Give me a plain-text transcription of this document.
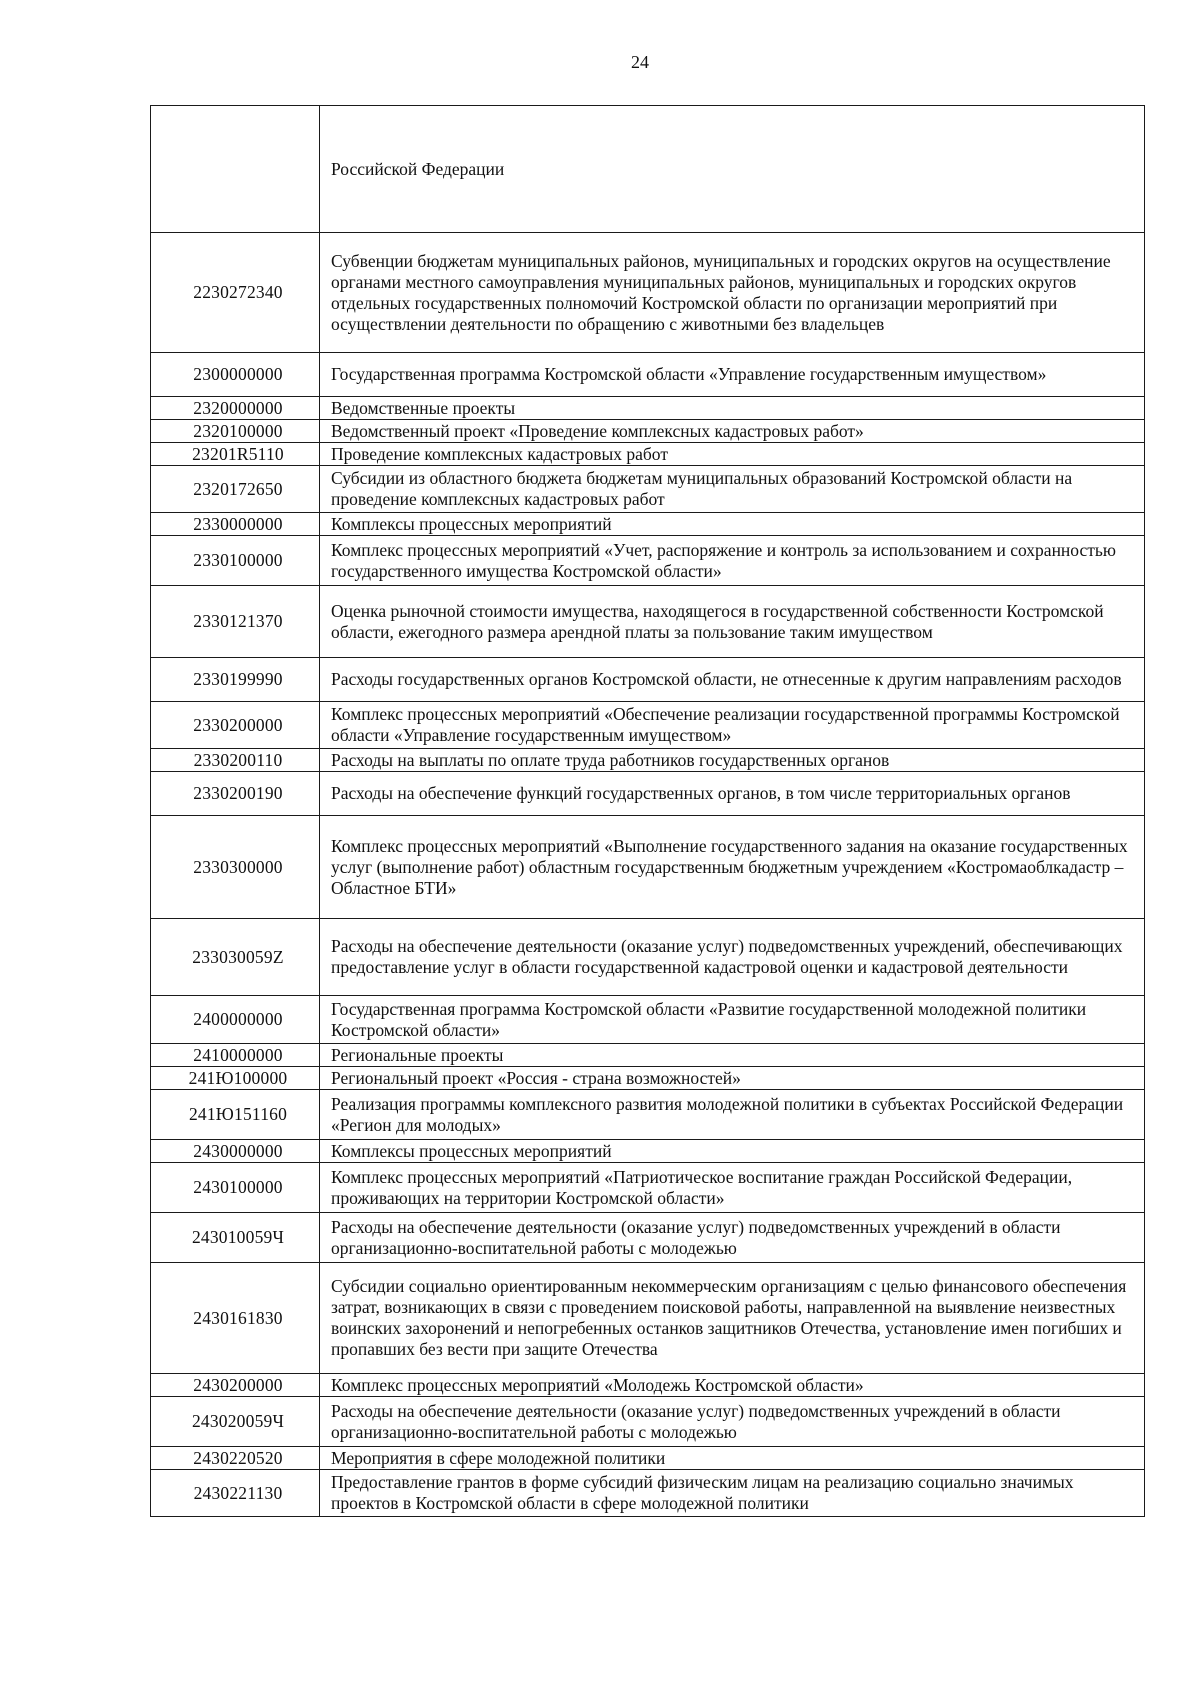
24
	Российской Федерации
2230272340	Субвенции бюджетам муниципальных районов, муниципальных и городских округов на осуществление органами местного самоуправления муниципальных районов, муниципальных и городских округов отдельных государственных полномочий Костромской области по организации мероприятий при осуществлении деятельности по обращению с животными без владельцев
2300000000	Государственная программа Костромской области «Управление государственным имуществом»
2320000000	Ведомственные проекты
2320100000	Ведомственный проект «Проведение комплексных кадастровых работ»
23201R5110	Проведение комплексных кадастровых работ
2320172650	Субсидии из областного бюджета бюджетам муниципальных образований Костромской области на проведение комплексных кадастровых работ
2330000000	Комплексы процессных мероприятий
2330100000	Комплекс процессных мероприятий «Учет, распоряжение и контроль за использованием и сохранностью государственного имущества Костромской области»
2330121370	Оценка рыночной стоимости имущества, находящегося в государственной собственности Костромской области, ежегодного размера арендной платы за пользование таким имуществом
2330199990	Расходы государственных органов Костромской области, не отнесенные к другим направлениям расходов
2330200000	Комплекс процессных мероприятий «Обеспечение реализации государственной программы Костромской области «Управление государственным имуществом»
2330200110	Расходы на выплаты по оплате труда работников государственных органов
2330200190	Расходы на обеспечение функций государственных органов, в том числе территориальных органов
2330300000	Комплекс процессных мероприятий «Выполнение государственного задания на оказание государственных услуг (выполнение работ) областным государственным бюджетным учреждением «Костромаоблкадастр – Областное БТИ»
233030059Z	Расходы на обеспечение деятельности (оказание услуг) подведомственных учреждений, обеспечивающих предоставление услуг в области государственной кадастровой оценки и кадастровой деятельности
2400000000	Государственная программа Костромской области «Развитие государственной молодежной политики Костромской области»
2410000000	Региональные проекты
241Ю100000	Региональный проект «Россия - страна возможностей»
241Ю151160	Реализация программы комплексного развития молодежной политики в субъектах Российской Федерации «Регион для молодых»
2430000000	Комплексы процессных мероприятий
2430100000	Комплекс процессных мероприятий «Патриотическое воспитание граждан Российской Федерации, проживающих на территории Костромской области»
243010059Ч	Расходы на обеспечение деятельности (оказание услуг) подведомственных учреждений в области организационно-воспитательной работы с молодежью
2430161830	Субсидии социально ориентированным некоммерческим организациям с целью финансового обеспечения затрат, возникающих в связи с проведением поисковой работы, направленной на выявление неизвестных воинских захоронений и непогребенных останков защитников Отечества, установление имен погибших и пропавших без вести при защите Отечества
2430200000	Комплекс процессных мероприятий «Молодежь Костромской области»
243020059Ч	Расходы на обеспечение деятельности (оказание услуг) подведомственных учреждений в области организационно-воспитательной работы с молодежью
2430220520	Мероприятия в сфере молодежной политики
2430221130	Предоставление грантов в форме субсидий физическим лицам на реализацию социально значимых проектов в Костромской области в сфере молодежной политики
